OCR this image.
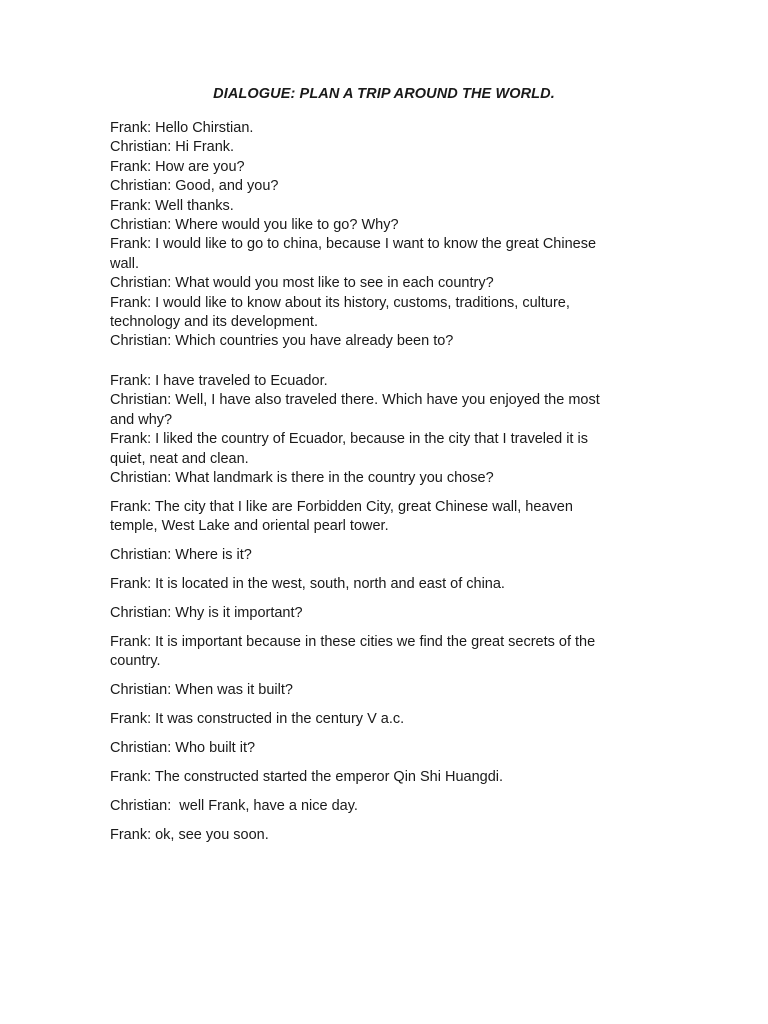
DIALOGUE: PLAN A TRIP AROUND THE WORLD.
Frank: Hello Chirstian.
Christian: Hi Frank.
Frank: How are you?
Christian: Good, and you?
Frank: Well thanks.
Christian: Where would you like to go? Why?
Frank: I would like to go to china, because I want to know the great Chinese
wall.
Christian: What would you most like to see in each country?
Frank: I would like to know about its history, customs, traditions, culture,
technology and its development.
Christian: Which countries you have already been to?
Frank: I have traveled to Ecuador.
Christian: Well, I have also traveled there. Which have you enjoyed the most
and why?
Frank: I liked the country of Ecuador, because in the city that I traveled it is
quiet, neat and clean.
Christian: What landmark is there in the country you chose?
Frank: The city that I like are Forbidden City, great Chinese wall, heaven
temple, West Lake and oriental pearl tower.
Christian: Where is it?
Frank: It is located in the west, south, north and east of china.
Christian: Why is it important?
Frank: It is important because in these cities we find the great secrets of the
country.
Christian: When was it built?
Frank: It was constructed in the century V a.c.
Christian: Who built it?
Frank: The constructed started the emperor Qin Shi Huangdi.
Christian:  well Frank, have a nice day.
Frank: ok, see you soon.
